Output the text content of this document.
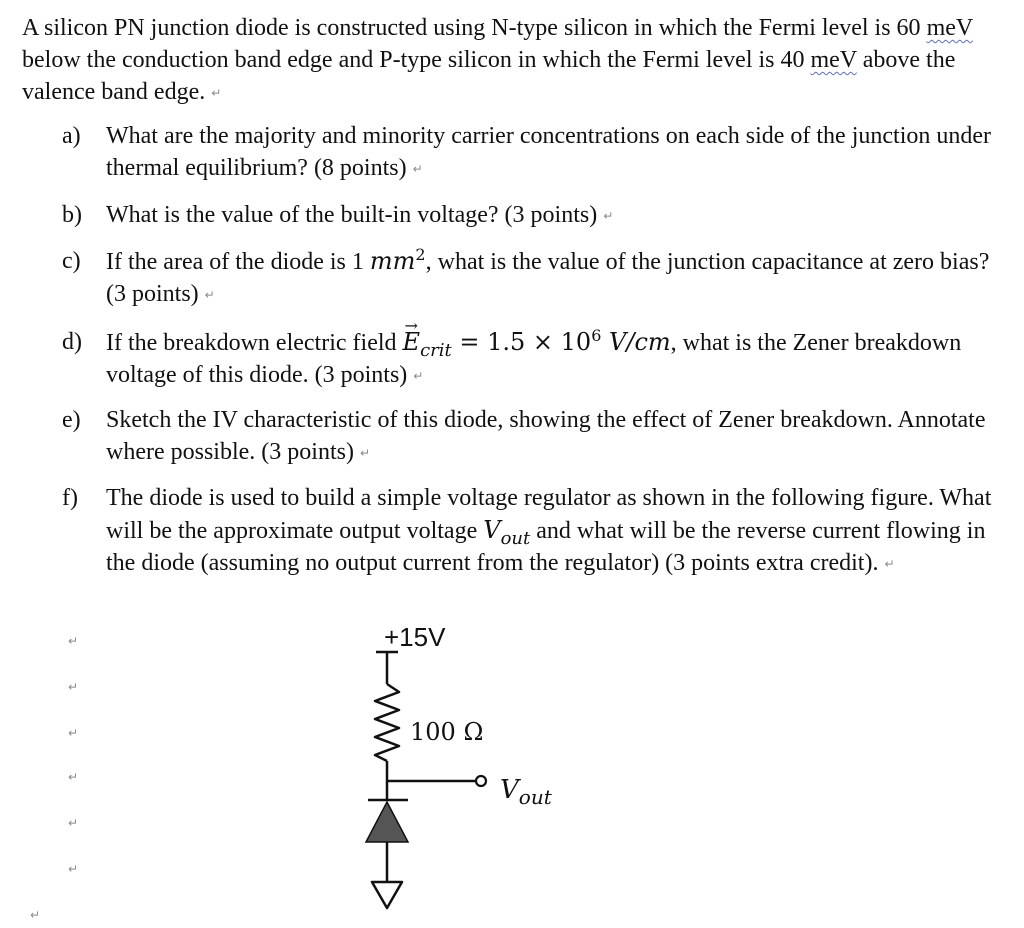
A silicon PN junction diode is constructed using N-type silicon in which the Fermi level is 60 meV below the conduction band edge and P-type silicon in which the Fermi level is 40 meV above the valence band edge. ↵
a) What are the majority and minority carrier concentrations on each side of the junction under thermal equilibrium? (8 points) ↵
b) What is the value of the built-in voltage? (3 points) ↵
c) If the area of the diode is 1 $mm^2$, what is the value of the junction capacitance at zero bias? (3 points) ↵
d) If the breakdown electric field → $E_{crit} = 1.5 \times 10^6$ V/cm, what is the Zener breakdown voltage of this diode. (3 points) ↵
e) Sketch the IV characteristic of this diode, showing the effect of Zener breakdown. Annotate where possible. (3 points) ↵
f) The diode is used to build a simple voltage regulator as shown in the following figure. What will be the approximate output voltage $V_{out}$ and what will be the reverse current flowing in the diode (assuming no output current from the regulator) (3 points extra credit). ↵
↵
↵
↵
↵
↵
↵
↵
+15V
100 Ω
$V_{out}$
